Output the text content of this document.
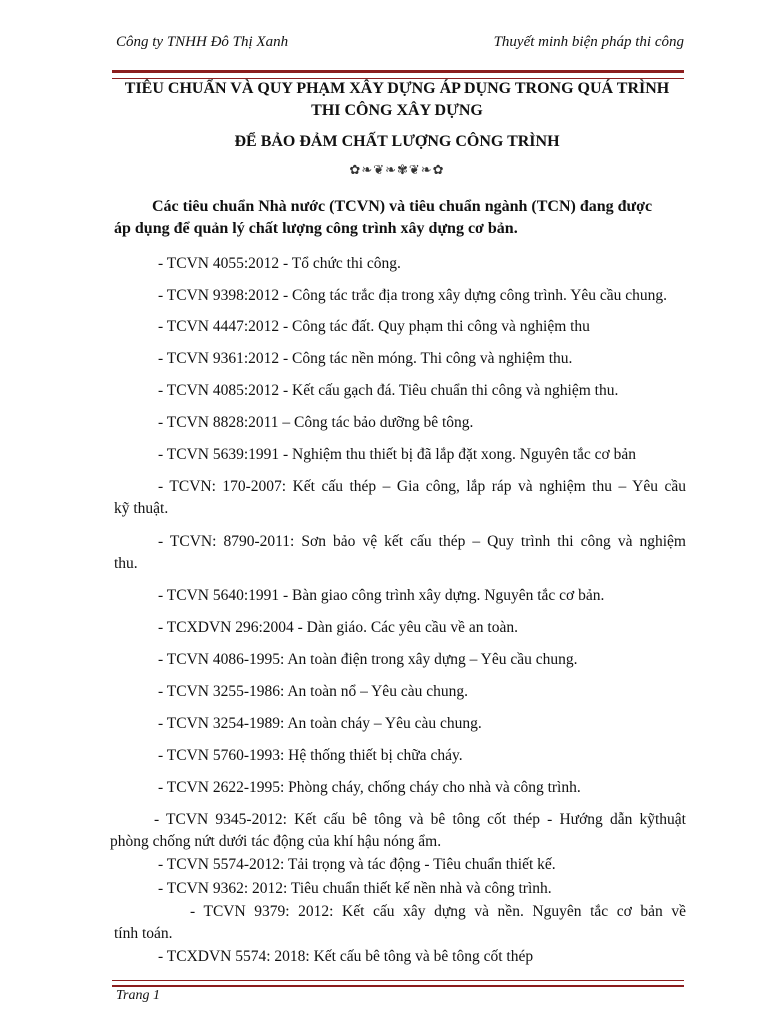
Công ty TNHH Đô Thị Xanh	Thuyết minh biện pháp thi công
TIÊU CHUẨN VÀ QUY PHẠM XÂY DỰNG ÁP DỤNG TRONG QUÁ TRÌNH
THI CÔNG XÂY DỰNG
ĐỂ BẢO ĐẢM CHẤT LƯỢNG CÔNG TRÌNH
✿❧❦❧✾❦❧✿
Các tiêu chuẩn Nhà nước (TCVN) và tiêu chuẩn ngành (TCN) đang được
áp dụng để quản lý chất lượng công trình xây dựng cơ bản.
- TCVN 4055:2012 - Tổ chức thi công.
- TCVN 9398:2012 - Công tác trắc địa trong xây dựng công trình. Yêu cầu chung.
- TCVN 4447:2012 - Công tác đất. Quy phạm thi công và nghiệm thu
- TCVN 9361:2012 - Công tác nền móng. Thi công và nghiệm thu.
- TCVN 4085:2012 - Kết cấu gạch đá. Tiêu chuẩn thi công và nghiệm thu.
- TCVN 8828:2011 – Công tác bảo dưỡng bê tông.
- TCVN 5639:1991 - Nghiệm thu thiết bị đã lắp đặt xong. Nguyên tắc cơ bản
- TCVN: 170-2007: Kết cấu thép – Gia công, lắp ráp và nghiệm thu – Yêu cầu
kỹ thuật.
- TCVN: 8790-2011: Sơn bảo vệ kết cấu thép – Quy trình thi công và nghiệm
thu.
- TCVN 5640:1991 - Bàn giao công trình xây dựng. Nguyên tắc cơ bản.
- TCXDVN 296:2004 - Dàn giáo. Các yêu cầu về an toàn.
- TCVN 4086-1995: An toàn điện trong xây dựng – Yêu cầu chung.
- TCVN 3255-1986: An toàn nổ – Yêu càu chung.
- TCVN 3254-1989: An toàn cháy – Yêu càu chung.
- TCVN 5760-1993: Hệ thống thiết bị chữa cháy.
- TCVN 2622-1995: Phòng cháy, chống cháy cho nhà và công trình.
- TCVN 9345-2012: Kết cấu bê tông và bê tông cốt thép - Hướng dẫn kỹthuật
phòng chống nứt dưới tác động của khí hậu nóng ẩm.
- TCVN 5574-2012: Tải trọng và tác động - Tiêu chuẩn thiết kế.
- TCVN 9362: 2012: Tiêu chuẩn thiết kế nền nhà và công trình.
- TCVN 9379: 2012: Kết cấu xây dựng và nền. Nguyên tắc cơ bản về
tính toán.
- TCXDVN 5574: 2018: Kết cấu bê tông và bê tông cốt thép
Trang 1
